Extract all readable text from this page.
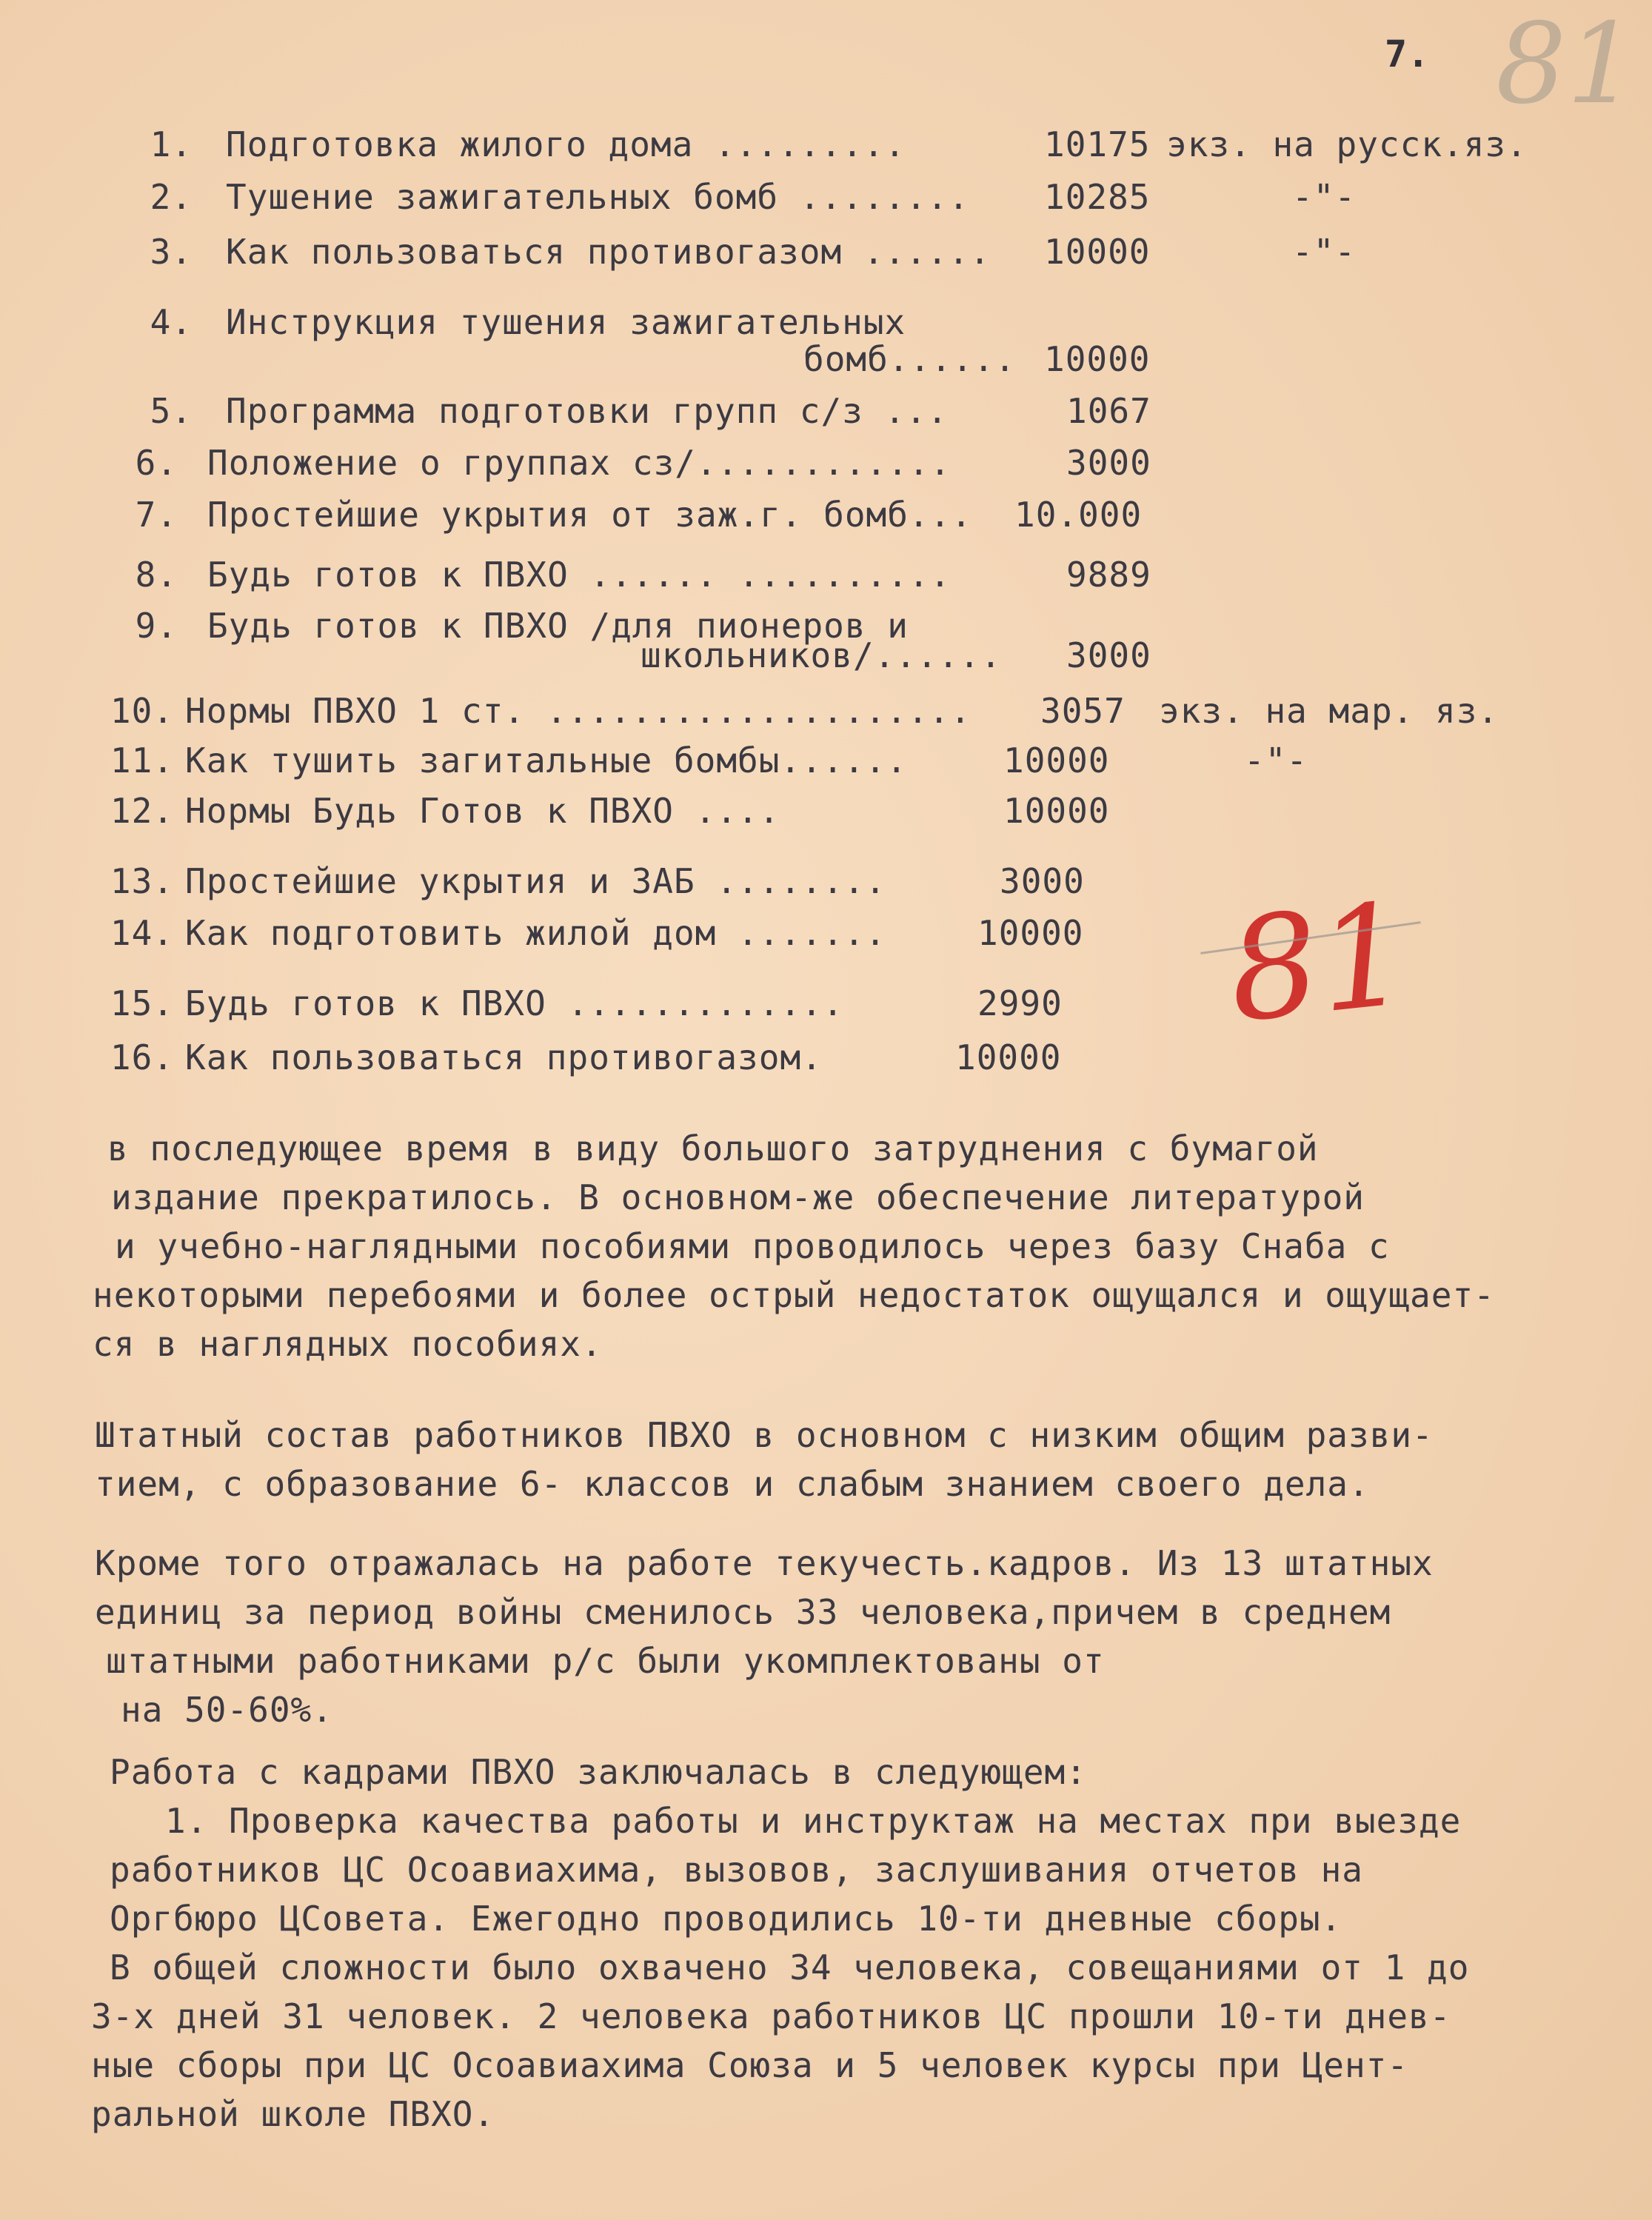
7. 81
81
1. Подготовка жилого дома .........	10175 экз. на русск.яз.
2. Тушение зажигательных бомб ........ 10285	-"-
3. Как пользоваться противогазом ...... 10000	-"-
4. Инструкция тушения зажигательных
бомб...... 10000
5. Программа подготовки групп с/з ...	1067
6. Положение о группах сз/............	3000
7. Простейшие укрытия от заж.г. бомб... 10.000
8. Будь готов к ПВХО ...... ..........	9889
9. Будь готов к ПВХО /для пионеров и
школьников/...... 3000
10. Нормы ПВХО 1 ст. .................... 3057 экз. на мар. яз.
11. Как тушить загитальные бомбы......	10000	-"-
12. Нормы Будь Готов к ПВХО ....	10000
13. Простейшие укрытия и ЗАБ ........	3000
14. Как подготовить жилой дом .......	10000
15. Будь готов к ПВХО .............	2990
16. Как пользоваться противогазом.	10000
в последующее время в виду большого затруднения с бумагой
издание прекратилось. В основном-же обеспечение литературой
и учебно-наглядными пособиями проводилось через базу Снаба с
некоторыми перебоями и более острый недостаток ощущался и ощущает-
ся в наглядных пособиях.
Штатный состав работников ПВХО в основном с низким общим разви-
тием, с образование 6- классов и слабым знанием своего дела.
Кроме того отражалась на работе текучесть.кадров. Из 13 штатных
единиц за период войны сменилось 33 человека,причем в среднем
штатными работниками р/с были укомплектованы от
на 50-60%.
Работа с кадрами ПВХО заключалась в следующем:
1. Проверка качества работы и инструктаж на местах при выезде
работников ЦС Осоавиахима, вызовов, заслушивания отчетов на
Оргбюро ЦСовета. Ежегодно проводились 10-ти дневные сборы.
В общей сложности было охвачено 34 человека, совещаниями от 1 до
3-х дней 31 человек. 2 человека работников ЦС прошли 10-ти днев-
ные сборы при ЦС Осоавиахима Союза и 5 человек курсы при Цент-
ральной школе ПВХО.
